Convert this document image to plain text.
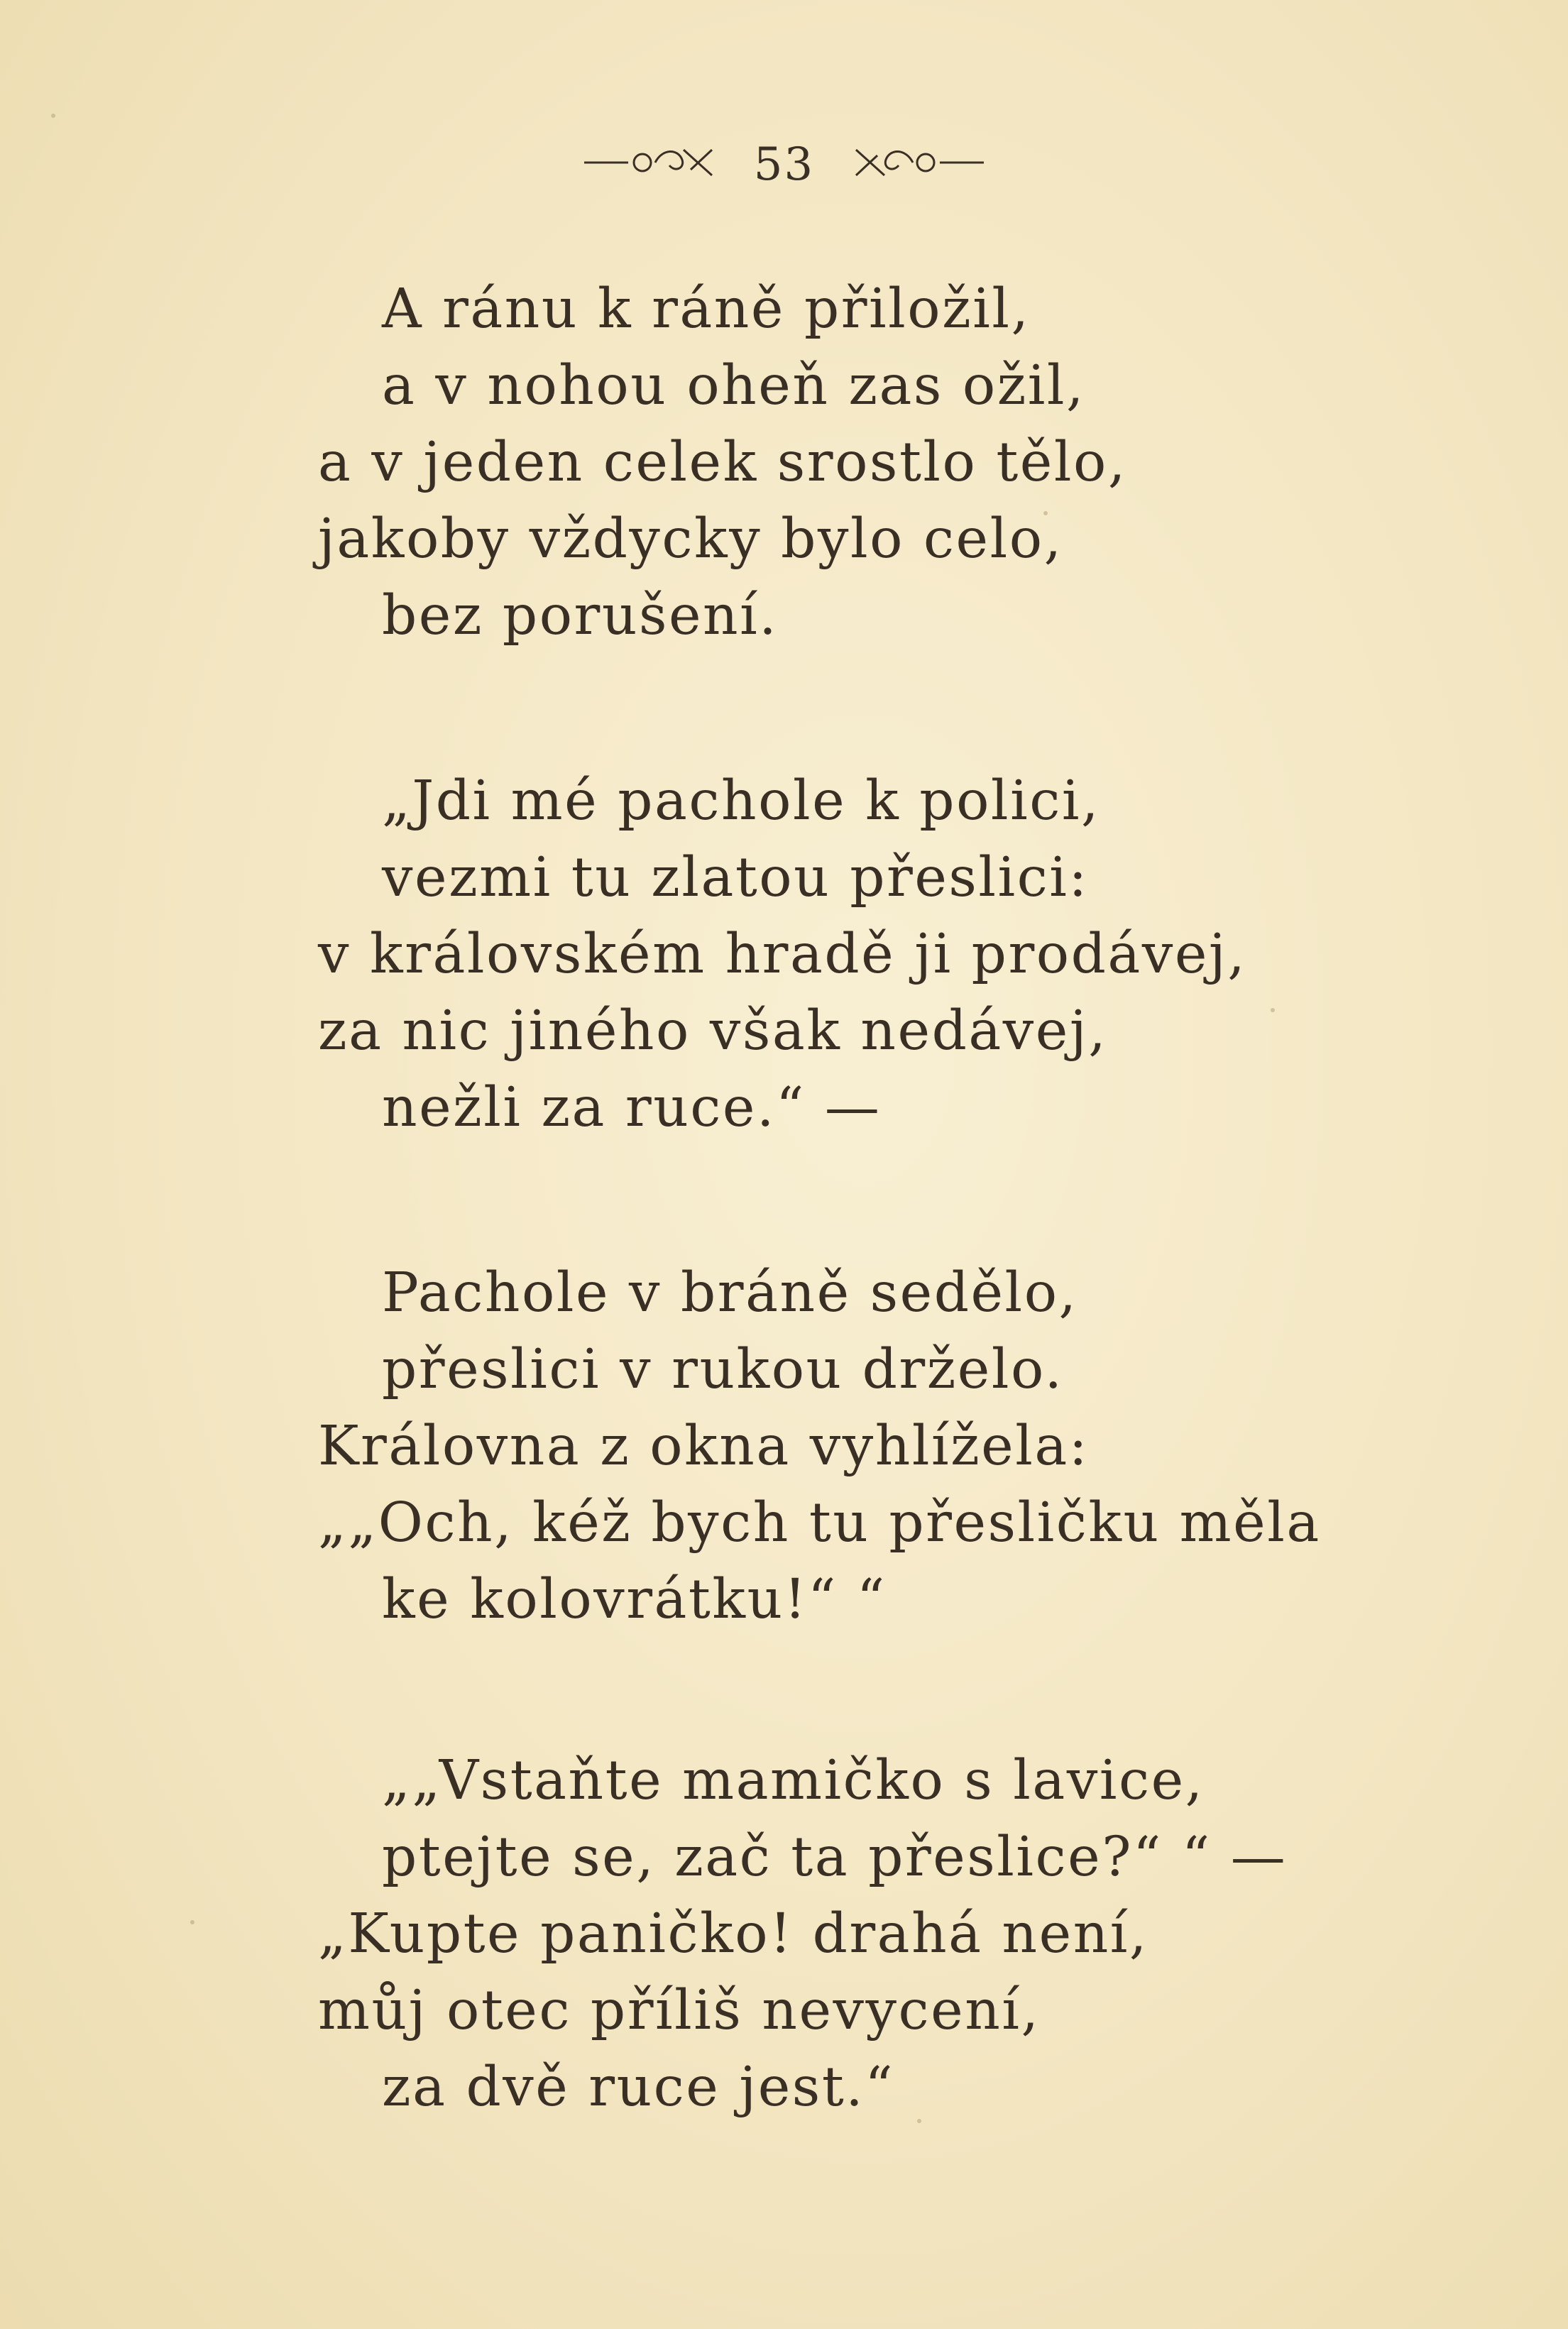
53
A ránu k ráně přiložil,
a v nohou oheň zas ožil,
a v jeden celek srostlo tělo,
jakoby vždycky bylo celo,
bez porušení.
„Jdi mé pachole k polici,
vezmi tu zlatou přeslici:
v královském hradě ji prodávej,
za nic jiného však nedávej,
nežli za ruce.“ —
Pachole v bráně sedělo,
přeslici v rukou drželo.
Královna z okna vyhlížela:
„„Och, kéž bych tu přesličku měla
ke kolovrátku!“ “
„„Vstaňte mamičko s lavice,
ptejte se, zač ta přeslice?“ “ —
„Kupte paničko! drahá není,
můj otec příliš nevycení,
za dvě ruce jest.“
